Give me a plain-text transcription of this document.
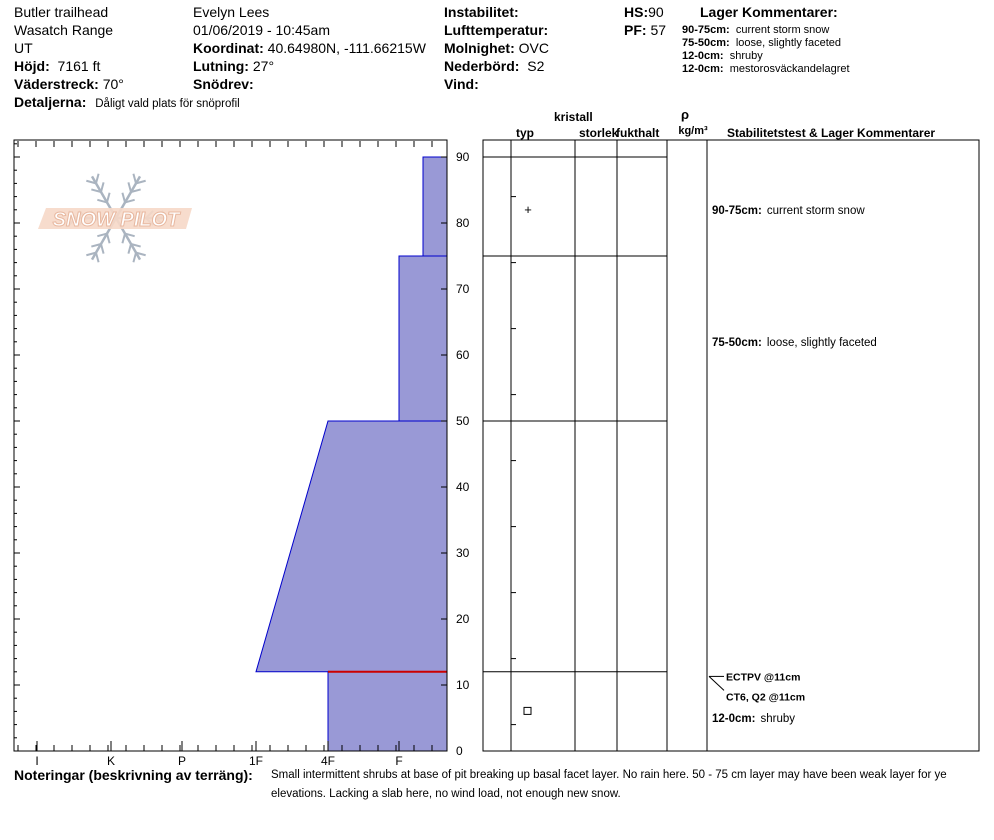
Butler trailhead
Wasatch Range
UT
Höjd: 7161 ft
Väderstreck: 70°
Detaljerna: Dåligt vald plats för snöprofil
Evelyn Lees
01/06/2019 - 10:45am
Koordinat: 40.64980N, -111.66215W
Lutning: 27°
Snödrev:
Instabilitet:
Lufttemperatur:
Molnighet: OVC
Nederbörd: S2
Vind:
HS:90
PF: 57
Lager Kommentarer:
90-75cm: current storm snow
75-50cm: loose, slightly faceted
12-0cm: shruby
12-0cm: mestorosväckandelagret
SNOW PILOT
I	K	P	1F	4F	F
0
10
20
30
40
50
60
70
80
90
kristall
typ	storlek
fukthalt
ρ
kg/m³ Stabilitetstest & Lager Kommentarer
+	90-75cm: current storm snow
75-50cm: loose, slightly faceted
12-0cm: shruby
ECTPV @11cm
CT6, Q2 @11cm
Noteringar (beskrivning av terräng): Small intermittent shrubs at base of pit breaking up basal facet layer. No rain here. 50 - 75 cm layer may have been weak layer for ye
elevations. Lacking a slab here, no wind load, not enough new snow.
